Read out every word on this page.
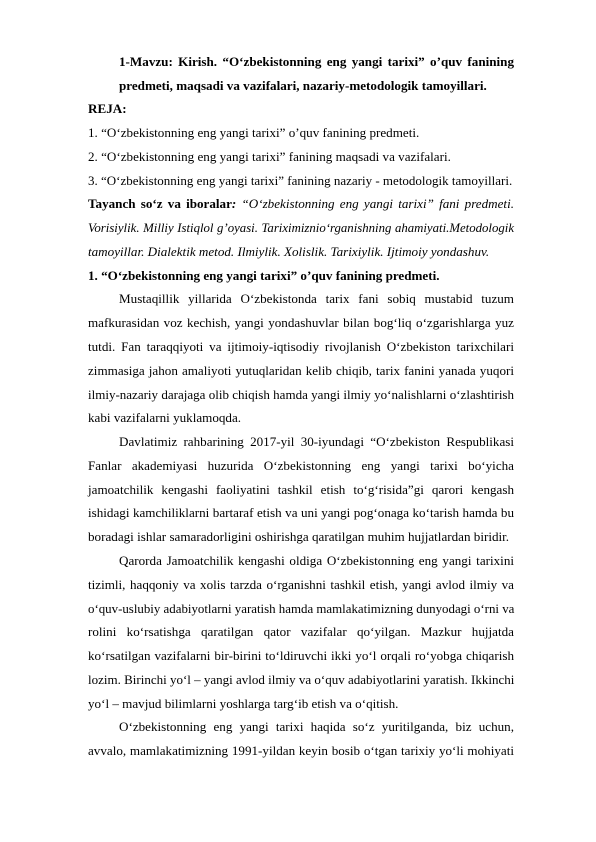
1-Mavzu: Kirish. “O‘zbekistonning eng yangi tarixi” o’quv fanining
predmeti, maqsadi va vazifalari, nazariy-metodologik tamoyillari.
REJA:
1. “O‘zbekistonning eng yangi tarixi” o’quv fanining predmeti.
2. “O‘zbekistonning eng yangi tarixi” fanining maqsadi va vazifalari.
3. “O‘zbekistonning eng yangi tarixi” fanining nazariy - metodologik tamoyillari.
Tayanch so‘z va iboralar: “O‘zbekistonning eng yangi tarixi” fani predmeti.
Vorisiylik. Milliy Istiqlol g’oyasi. Tariximizniо‘rganishning ahamiyati.Metodologik
tamoyillar. Dialektik metod. Ilmiylik. Xolislik. Tarixiylik. Ijtimoiy yondashuv.
1. “O‘zbekistonning eng yangi tarixi” o’quv fanining predmeti.
Mustaqillik yillarida O‘zbekistonda tarix fani sobiq mustabid tuzum
mafkurasidan voz kechish, yangi yondashuvlar bilan bog‘liq o‘zgarishlarga yuz
tutdi. Fan taraqqiyoti va ijtimoiy-iqtisodiy rivojlanish O‘zbekiston tarixchilari
zimmasiga jahon amaliyoti yutuqlaridan kelib chiqib, tarix fanini yanada yuqori
ilmiy-nazariy darajaga olib chiqish hamda yangi ilmiy yo‘nalishlarni o‘zlashtirish
kabi vazifalarni yuklamoqda.
Davlatimiz rahbarining 2017-yil 30-iyundagi “O‘zbekiston Respublikasi
Fanlar akademiyasi huzurida O‘zbekistonning eng yangi tarixi bo‘yicha
jamoatchilik kengashi faoliyatini tashkil etish to‘g‘risida”gi qarori kengash
ishidagi kamchiliklarni bartaraf etish va uni yangi pog‘onaga ko‘tarish hamda bu
boradagi ishlar samaradorligini oshirishga qaratilgan muhim hujjatlardan biridir.
Qarorda Jamoatchilik kengashi oldiga O‘zbekistonning eng yangi tarixini
tizimli, haqqoniy va xolis tarzda o‘rganishni tashkil etish, yangi avlod ilmiy va
o‘quv-uslubiy adabiyotlarni yaratish hamda mamlakatimizning dunyodagi o‘rni va
rolini ko‘rsatishga qaratilgan qator vazifalar qo‘yilgan. Mazkur hujjatda
ko‘rsatilgan vazifalarni bir-birini to‘ldiruvchi ikki yo‘l orqali ro‘yobga chiqarish
lozim. Birinchi yo‘l – yangi avlod ilmiy va o‘quv adabiyotlarini yaratish. Ikkinchi
yo‘l – mavjud bilimlarni yoshlarga targ‘ib etish va o‘qitish.
O‘zbekistonning eng yangi tarixi haqida so‘z yuritilganda, biz uchun,
avvalo, mamlakatimizning 1991-yildan keyin bosib o‘tgan tarixiy yo‘li mohiyati
